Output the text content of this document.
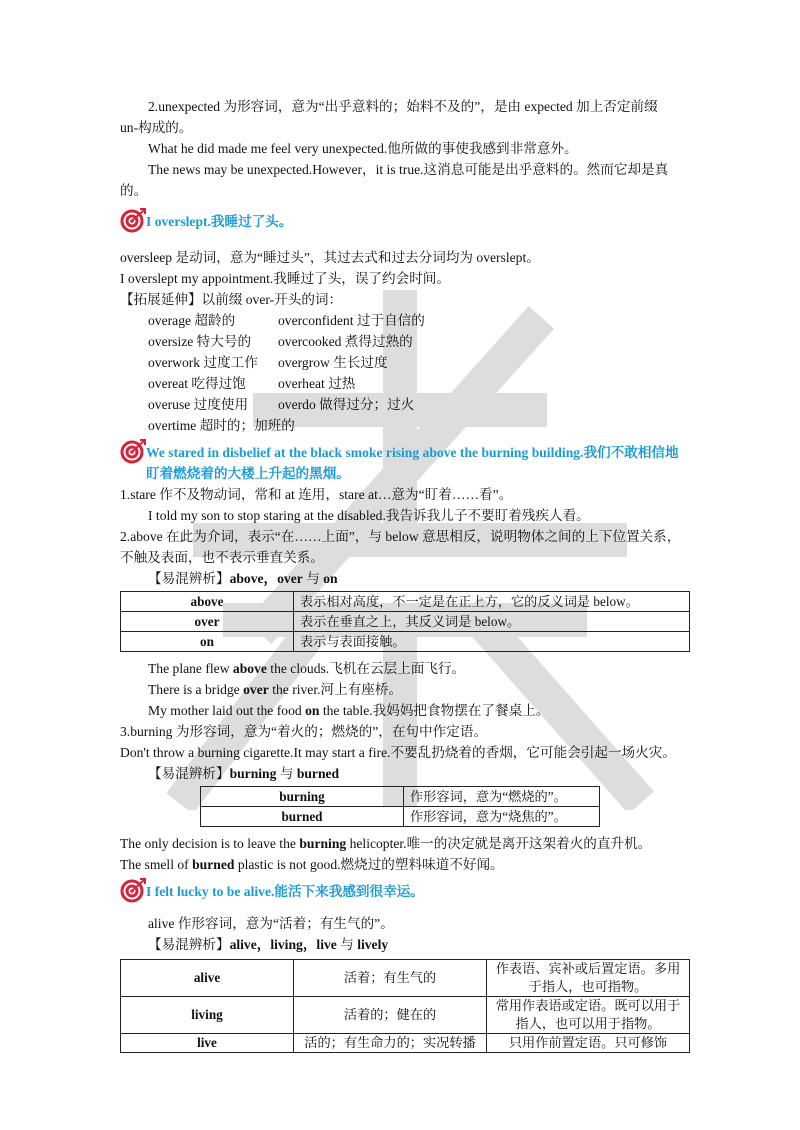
2.unexpected 为形容词，意为“出乎意料的；始料不及的”，是由 expected 加上否定前缀

un-构成的。

What he did made me feel very unexpected.他所做的事使我感到非常意外。

The news may be unexpected.However，it is true.这消息可能是出乎意料的。然而它却是真

的。

I overslept.我睡过了头。

oversleep 是动词，意为“睡过头”，其过去式和过去分词均为 overslept。

I overslept my appointment.我睡过了头，误了约会时间。

【拓展延伸】以前缀 over-开头的词：

overage 超龄的	overconfident 过于自信的
oversize 特大号的	overcooked 煮得过熟的
overwork 过度工作	overgrow 生长过度
overeat 吃得过饱	overheat 过热
overuse 过度使用	overdo 做得过分；过火
overtime 超时的；加班的
We stared in disbelief at the black smoke rising above the burning building.我们不敢相信地盯着燃烧着的大楼上升起的黑烟。

1.stare 作不及物动词，常和 at 连用，stare at…意为“盯着……看”。

I told my son to stop staring at the disabled.我告诉我儿子不要盯着残疾人看。

2.above 在此为介词，表示“在……上面”，与 below 意思相反，说明物体之间的上下位置关系，

不触及表面，也不表示垂直关系。

【易混辨析】above，over 与 on

above	表示相对高度，不一定是在正上方，它的反义词是 below。
over	表示在垂直之上，其反义词是 below。
on	表示与表面接触。

The plane flew above the clouds.飞机在云层上面飞行。

There is a bridge over the river.河上有座桥。

My mother laid out the food on the table.我妈妈把食物摆在了餐桌上。

3.burning 为形容词，意为“着火的；燃烧的”，在句中作定语。

Don't throw a burning cigarette.It may start a fire.不要乱扔烧着的香烟，它可能会引起一场火灾。

【易混辨析】burning 与 burned

burning	作形容词，意为“燃烧的”。
burned	作形容词，意为“烧焦的”。

The only decision is to leave the burning helicopter.唯一的决定就是离开这架着火的直升机。

The smell of burned plastic is not good.燃烧过的塑料味道不好闻。

I felt lucky to be alive.能活下来我感到很幸运。

alive 作形容词，意为“活着；有生气的”。

【易混辨析】alive，living，live 与 lively

alive	活着；有生气的	作表语、宾补或后置定语。多用于指人，也可指物。
living	活着的；健在的	常用作表语或定语。既可以用于指人，也可以用于指物。
live	活的；有生命力的；实况转播	只用作前置定语。只可修饰
